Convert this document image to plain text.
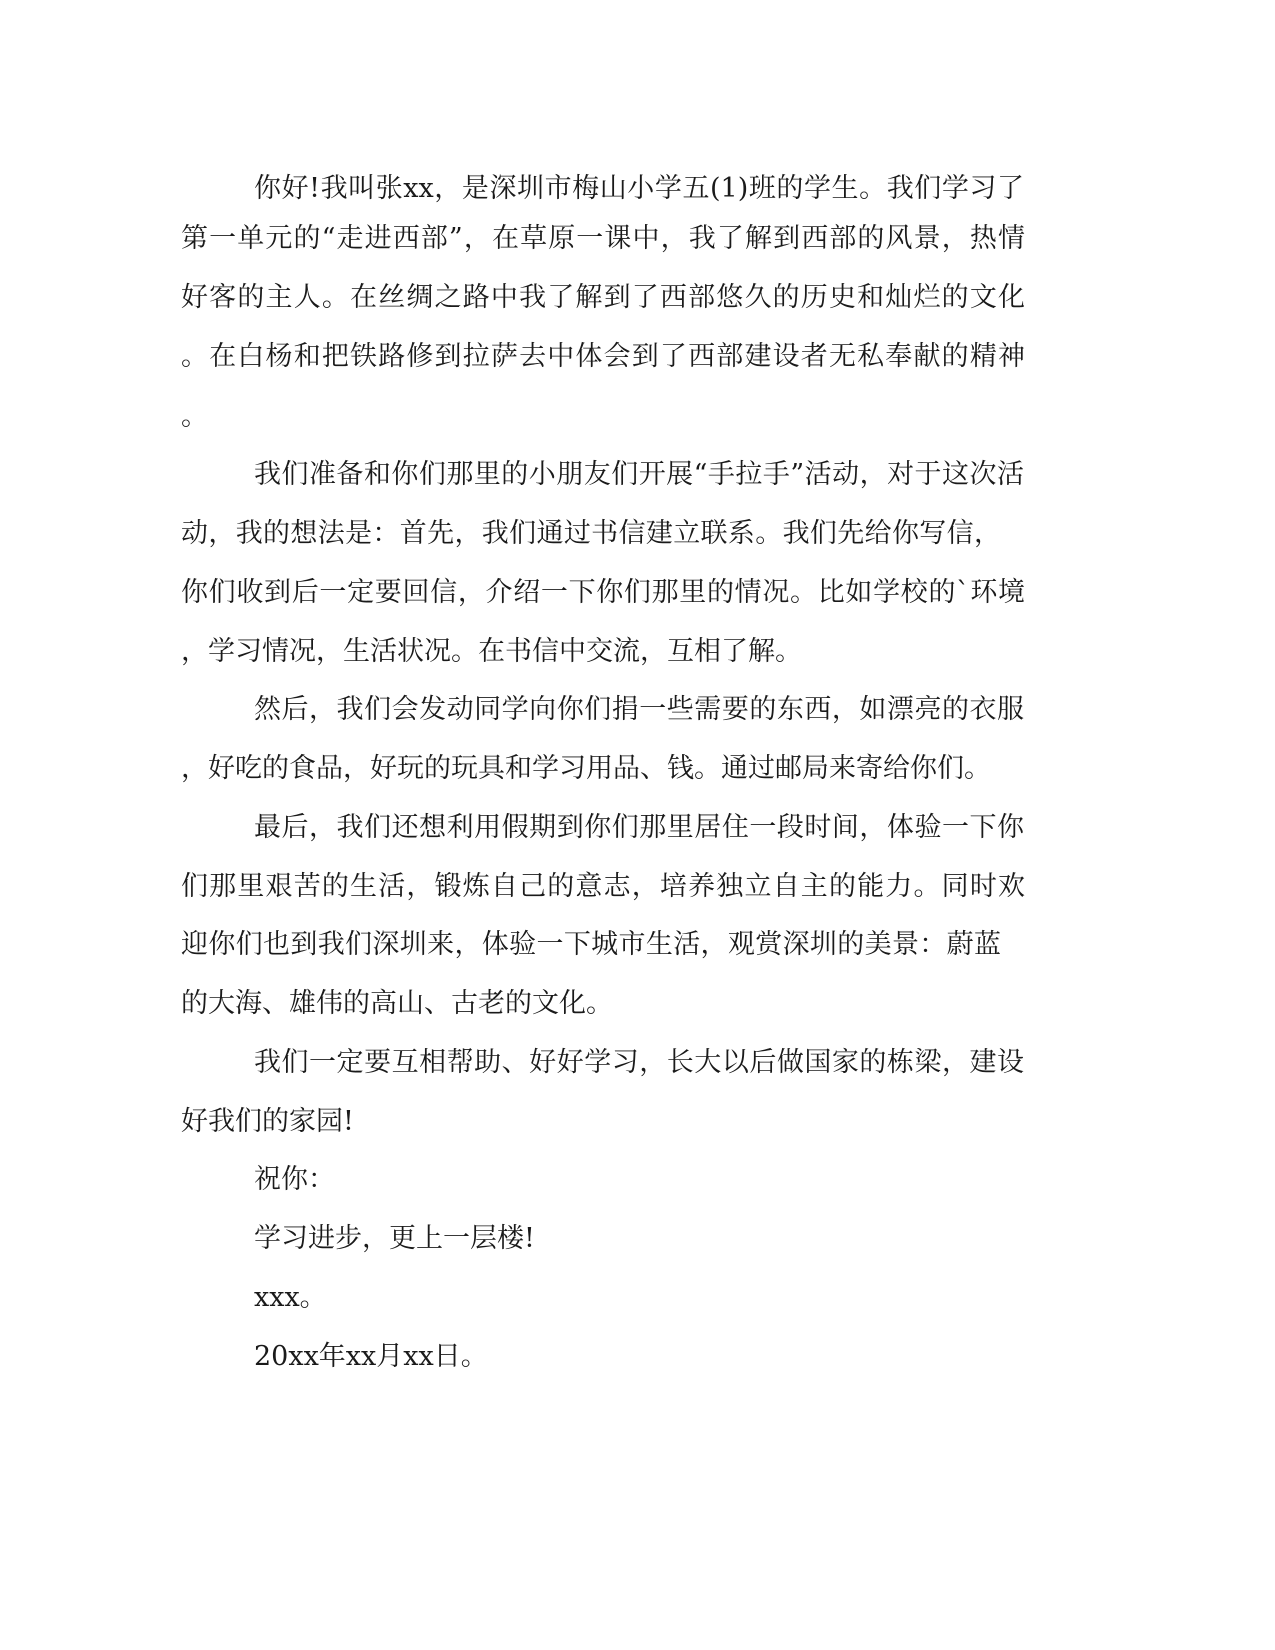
你好!我叫张xx，是深圳市梅山小学五(1)班的学生。我们学习了
第一单元的“走进西部”，在草原一课中，我了解到西部的风景，热情
好客的主人。在丝绸之路中我了解到了西部悠久的历史和灿烂的文化
。在白杨和把铁路修到拉萨去中体会到了西部建设者无私奉献的精神
。
我们准备和你们那里的小朋友们开展“手拉手”活动，对于这次活
动，我的想法是：首先，我们通过书信建立联系。我们先给你写信，
你们收到后一定要回信，介绍一下你们那里的情况。比如学校的`环境
，学习情况，生活状况。在书信中交流，互相了解。
然后，我们会发动同学向你们捐一些需要的东西，如漂亮的衣服
，好吃的食品，好玩的玩具和学习用品、钱。通过邮局来寄给你们。
最后，我们还想利用假期到你们那里居住一段时间，体验一下你
们那里艰苦的生活，锻炼自己的意志，培养独立自主的能力。同时欢
迎你们也到我们深圳来，体验一下城市生活，观赏深圳的美景：蔚蓝
的大海、雄伟的高山、古老的文化。
我们一定要互相帮助、好好学习，长大以后做国家的栋梁，建设
好我们的家园!
祝你：
学习进步，更上一层楼!
xxx。
20xx年xx月xx日。
